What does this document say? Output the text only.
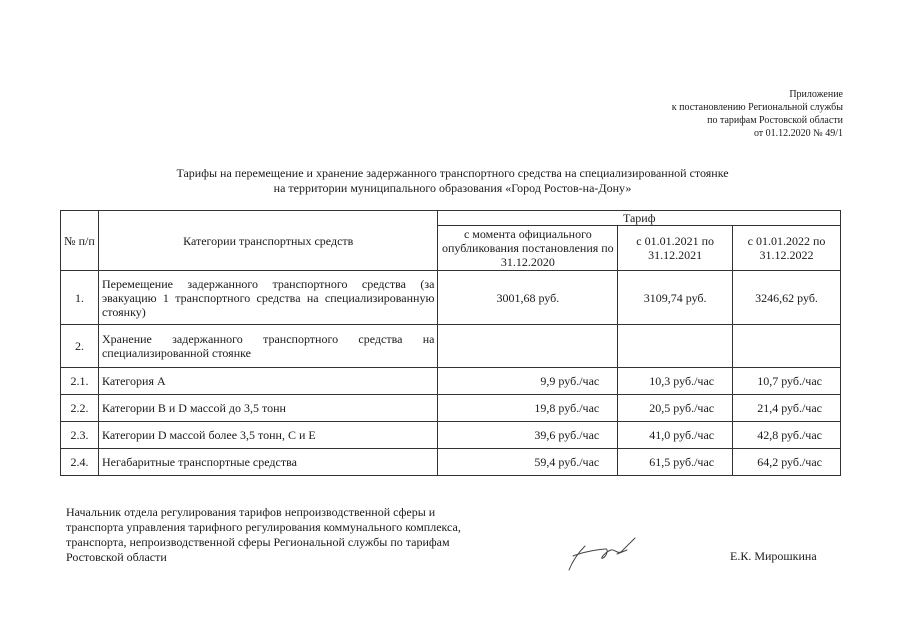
Приложение
к постановлению Региональной службы
по тарифам Ростовской области
от 01.12.2020 № 49/1
Тарифы на перемещение и хранение задержанного транспортного средства на специализированной стоянке
на территории муниципального образования «Город Ростов-на-Дону»
№ п/п	Категории транспортных средств	Тариф		
		с момента официального опубликования постановления по 31.12.2020	с 01.01.2021 по 31.12.2021	с 01.01.2022 по 31.12.2022
1.	Перемещение задержанного транспортного средства (за эвакуацию 1 транспортного средства на специализированную стоянку)	3001,68 руб.	3109,74 руб.	3246,62 руб.
2.	Хранение задержанного транспортного средства на специализированной стоянке			
2.1.	Категория А	9,9 руб./час	10,3 руб./час	10,7 руб./час
2.2.	Категории В и D массой до 3,5 тонн	19,8 руб./час	20,5 руб./час	21,4 руб./час
2.3.	Категории D массой более 3,5 тонн, С и Е	39,6 руб./час	41,0 руб./час	42,8 руб./час
2.4.	Негабаритные транспортные средства	59,4 руб./час	61,5 руб./час	64,2 руб./час
Начальник отдела регулирования тарифов непроизводственной сферы и
транспорта управления тарифного регулирования коммунального комплекса,
транспорта, непроизводственной сферы Региональной службы по тарифам
Ростовской области	Е.К. Мирошкина
